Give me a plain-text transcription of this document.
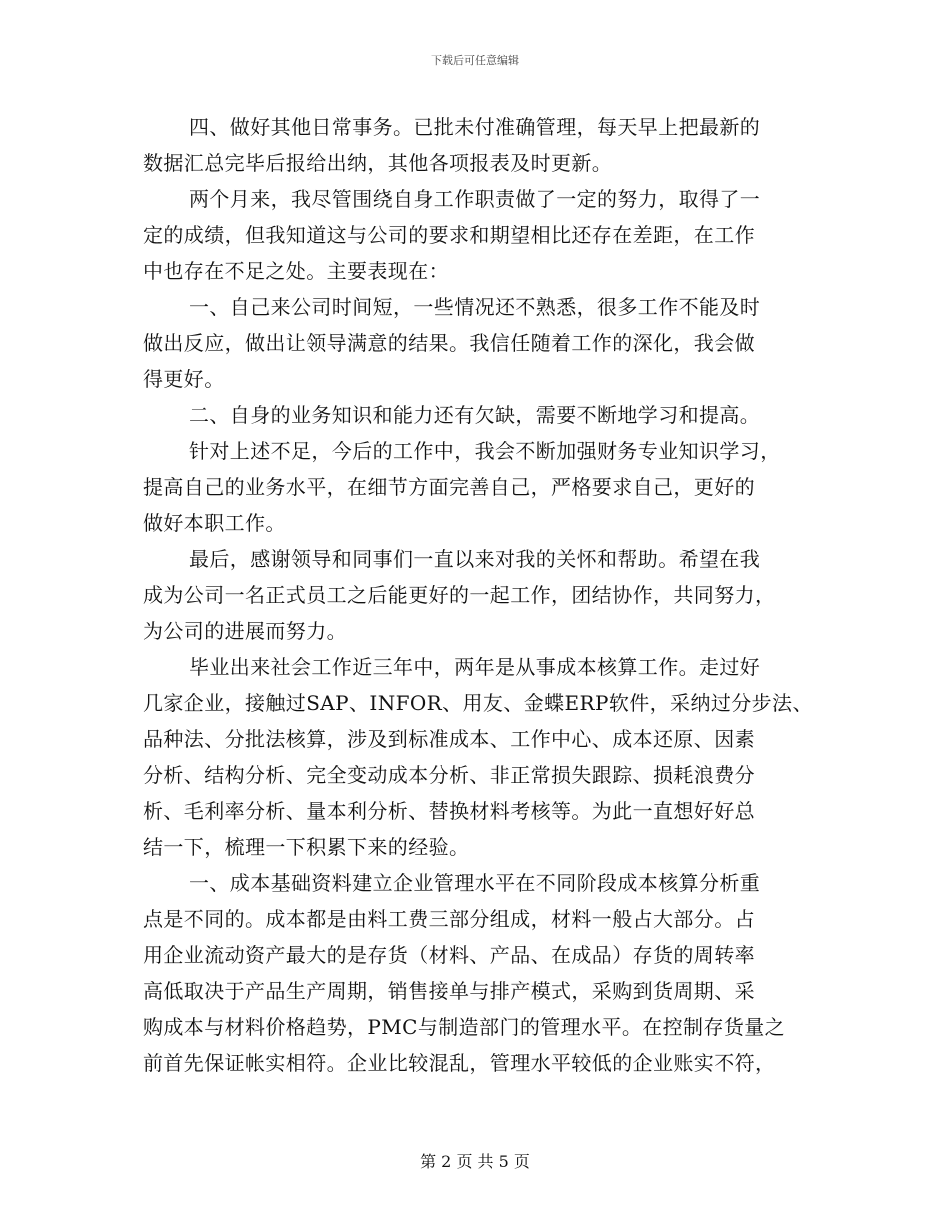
下载后可任意编辑
四、做好其他日常事务。已批未付准确管理，每天早上把最新的
数据汇总完毕后报给出纳，其他各项报表及时更新。
两个月来，我尽管围绕自身工作职责做了一定的努力，取得了一
定的成绩，但我知道这与公司的要求和期望相比还存在差距，在工作
中也存在不足之处。主要表现在：
一、自己来公司时间短，一些情况还不熟悉，很多工作不能及时
做出反应，做出让领导满意的结果。我信任随着工作的深化，我会做
得更好。
二、自身的业务知识和能力还有欠缺，需要不断地学习和提高。
针对上述不足，今后的工作中，我会不断加强财务专业知识学习，
提高自己的业务水平，在细节方面完善自己，严格要求自己，更好的
做好本职工作。
最后，感谢领导和同事们一直以来对我的关怀和帮助。希望在我
成为公司一名正式员工之后能更好的一起工作，团结协作，共同努力，
为公司的进展而努力。
毕业出来社会工作近三年中，两年是从事成本核算工作。走过好
几家企业，接触过SAP、INFOR、用友、金蝶ERP软件，采纳过分步法、
品种法、分批法核算，涉及到标准成本、工作中心、成本还原、因素
分析、结构分析、完全变动成本分析、非正常损失跟踪、损耗浪费分
析、毛利率分析、量本利分析、替换材料考核等。为此一直想好好总
结一下，梳理一下积累下来的经验。
一、成本基础资料建立企业管理水平在不同阶段成本核算分析重
点是不同的。成本都是由料工费三部分组成，材料一般占大部分。占
用企业流动资产最大的是存货（材料、产品、在成品）存货的周转率
高低取决于产品生产周期，销售接单与排产模式，采购到货周期、采
购成本与材料价格趋势，PMC与制造部门的管理水平。在控制存货量之
前首先保证帐实相符。企业比较混乱，管理水平较低的企业账实不符，
第 2 页 共 5 页
